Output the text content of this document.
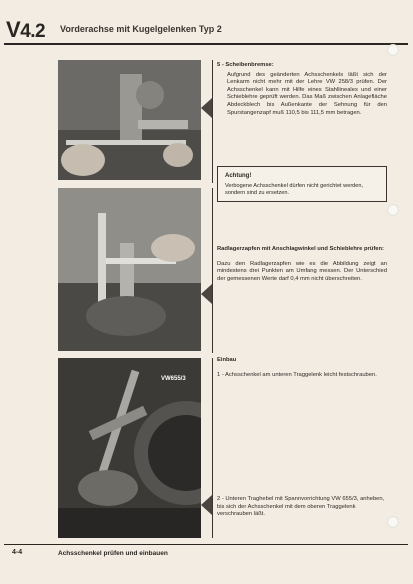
V4.2 Vorderachse mit Kugelgelenken Typ 2
VW655/3
5 - Scheibenbremse:
Aufgrund des geänderten Achsschenkels läßt sich der Lenkarm nicht mehr mit der Lehre VW 258/3 prüfen. Der Achsschenkel kann mit Hilfe eines Stahllineales und einer Schieblehre geprüft werden. Das Maß zwischen Anlagefläche Abdeckblech bis Außenkante der Sehnung für den Spurstangenzapf muß 110,5 bis 111,5 mm betragen.
Achtung!
Verbogene Achsschenkel dürfen nicht gerichtet werden, sondern sind zu ersetzen.
Radlagerzapfen mit Anschlagwinkel und Schieblehre prüfen:
Dazu den Radlagerzapfen wie es die Abbildung zeigt an mindestens drei Punkten am Umfang messen. Der Unterschied der gemessenen Werte darf 0,4 mm nicht überschreiten.
Einbau
1 - Achsschenkel am unteren Traggelenk leicht festschrauben.
2 - Unteren Traghebel mit Spannvorrichtung VW 655/3, anheben, bis sich der Achsschenkel mit dem oberen Traggelenk verschrauben läßt.
4-4	Achsschenkel prüfen und einbauen
